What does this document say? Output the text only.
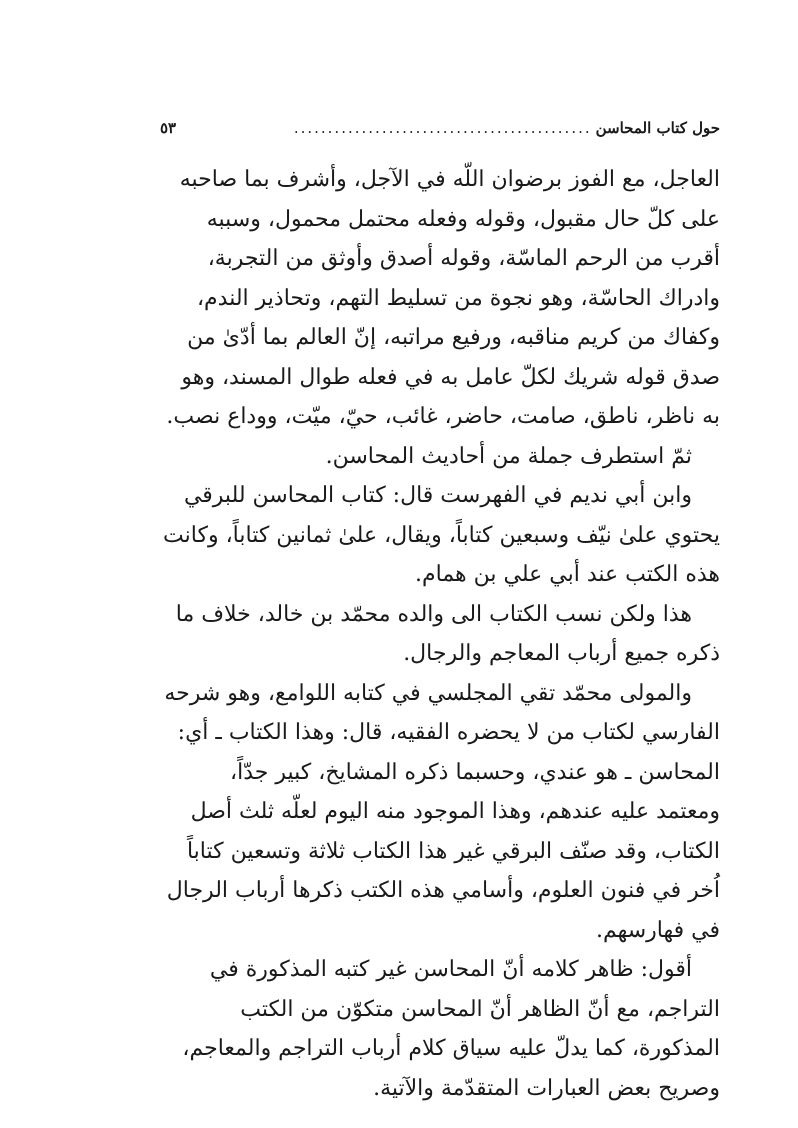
حول كتاب المحاسن
............................................
٥٣

العاجل، مع الفوز برضوان اللّه في الآجل، وأشرف بما صاحبه على كلّ حال مقبول، وقوله وفعله محتمل محمول، وسببه أقرب من الرحم الماسّة، وقوله أصدق وأوثق من التجربة، وادراك الحاسّة، وهو نجوة من تسليط التهم، وتحاذير الندم، وكفاك من كريم مناقبه، ورفيع مراتبه، إنّ العالم بما أدّىٰ من صدق قوله شريك لكلّ عامل به في فعله طوال المسند، وهو به ناظر، ناطق، صامت، حاضر، غائب، حيّ، ميّت، ووداع نصب.

ثمّ استطرف جملة من أحاديث المحاسن.

وابن أبي نديم في الفهرست قال: كتاب المحاسن للبرقي يحتوي علىٰ نيّف وسبعين كتاباً، ويقال، علىٰ ثمانين كتاباً، وكانت هذه الكتب عند أبي علي بن همام.

هذا ولكن نسب الكتاب الى والده محمّد بن خالد، خلاف ما ذكره جميع أرباب المعاجم والرجال.

والمولى محمّد تقي المجلسي في كتابه اللوامع، وهو شرحه الفارسي لكتاب من لا يحضره الفقيه، قال: وهذا الكتاب ـ أي: المحاسن ـ هو عندي، وحسبما ذكره المشايخ، كبير جدّاً، ومعتمد عليه عندهم، وهذا الموجود منه اليوم لعلّه ثلث أصل الكتاب، وقد صنّف البرقي غير هذا الكتاب ثلاثة وتسعين كتاباً اُخر في فنون العلوم، وأسامي هذه الكتب ذكرها أرباب الرجال في فهارسهم.

أقول: ظاهر كلامه أنّ المحاسن غير كتبه المذكورة في التراجم، مع أنّ الظاهر أنّ المحاسن متكوّن من الكتب المذكورة، كما يدلّ عليه سياق كلام أرباب التراجم والمعاجم، وصريح بعض العبارات المتقدّمة والآتية.
